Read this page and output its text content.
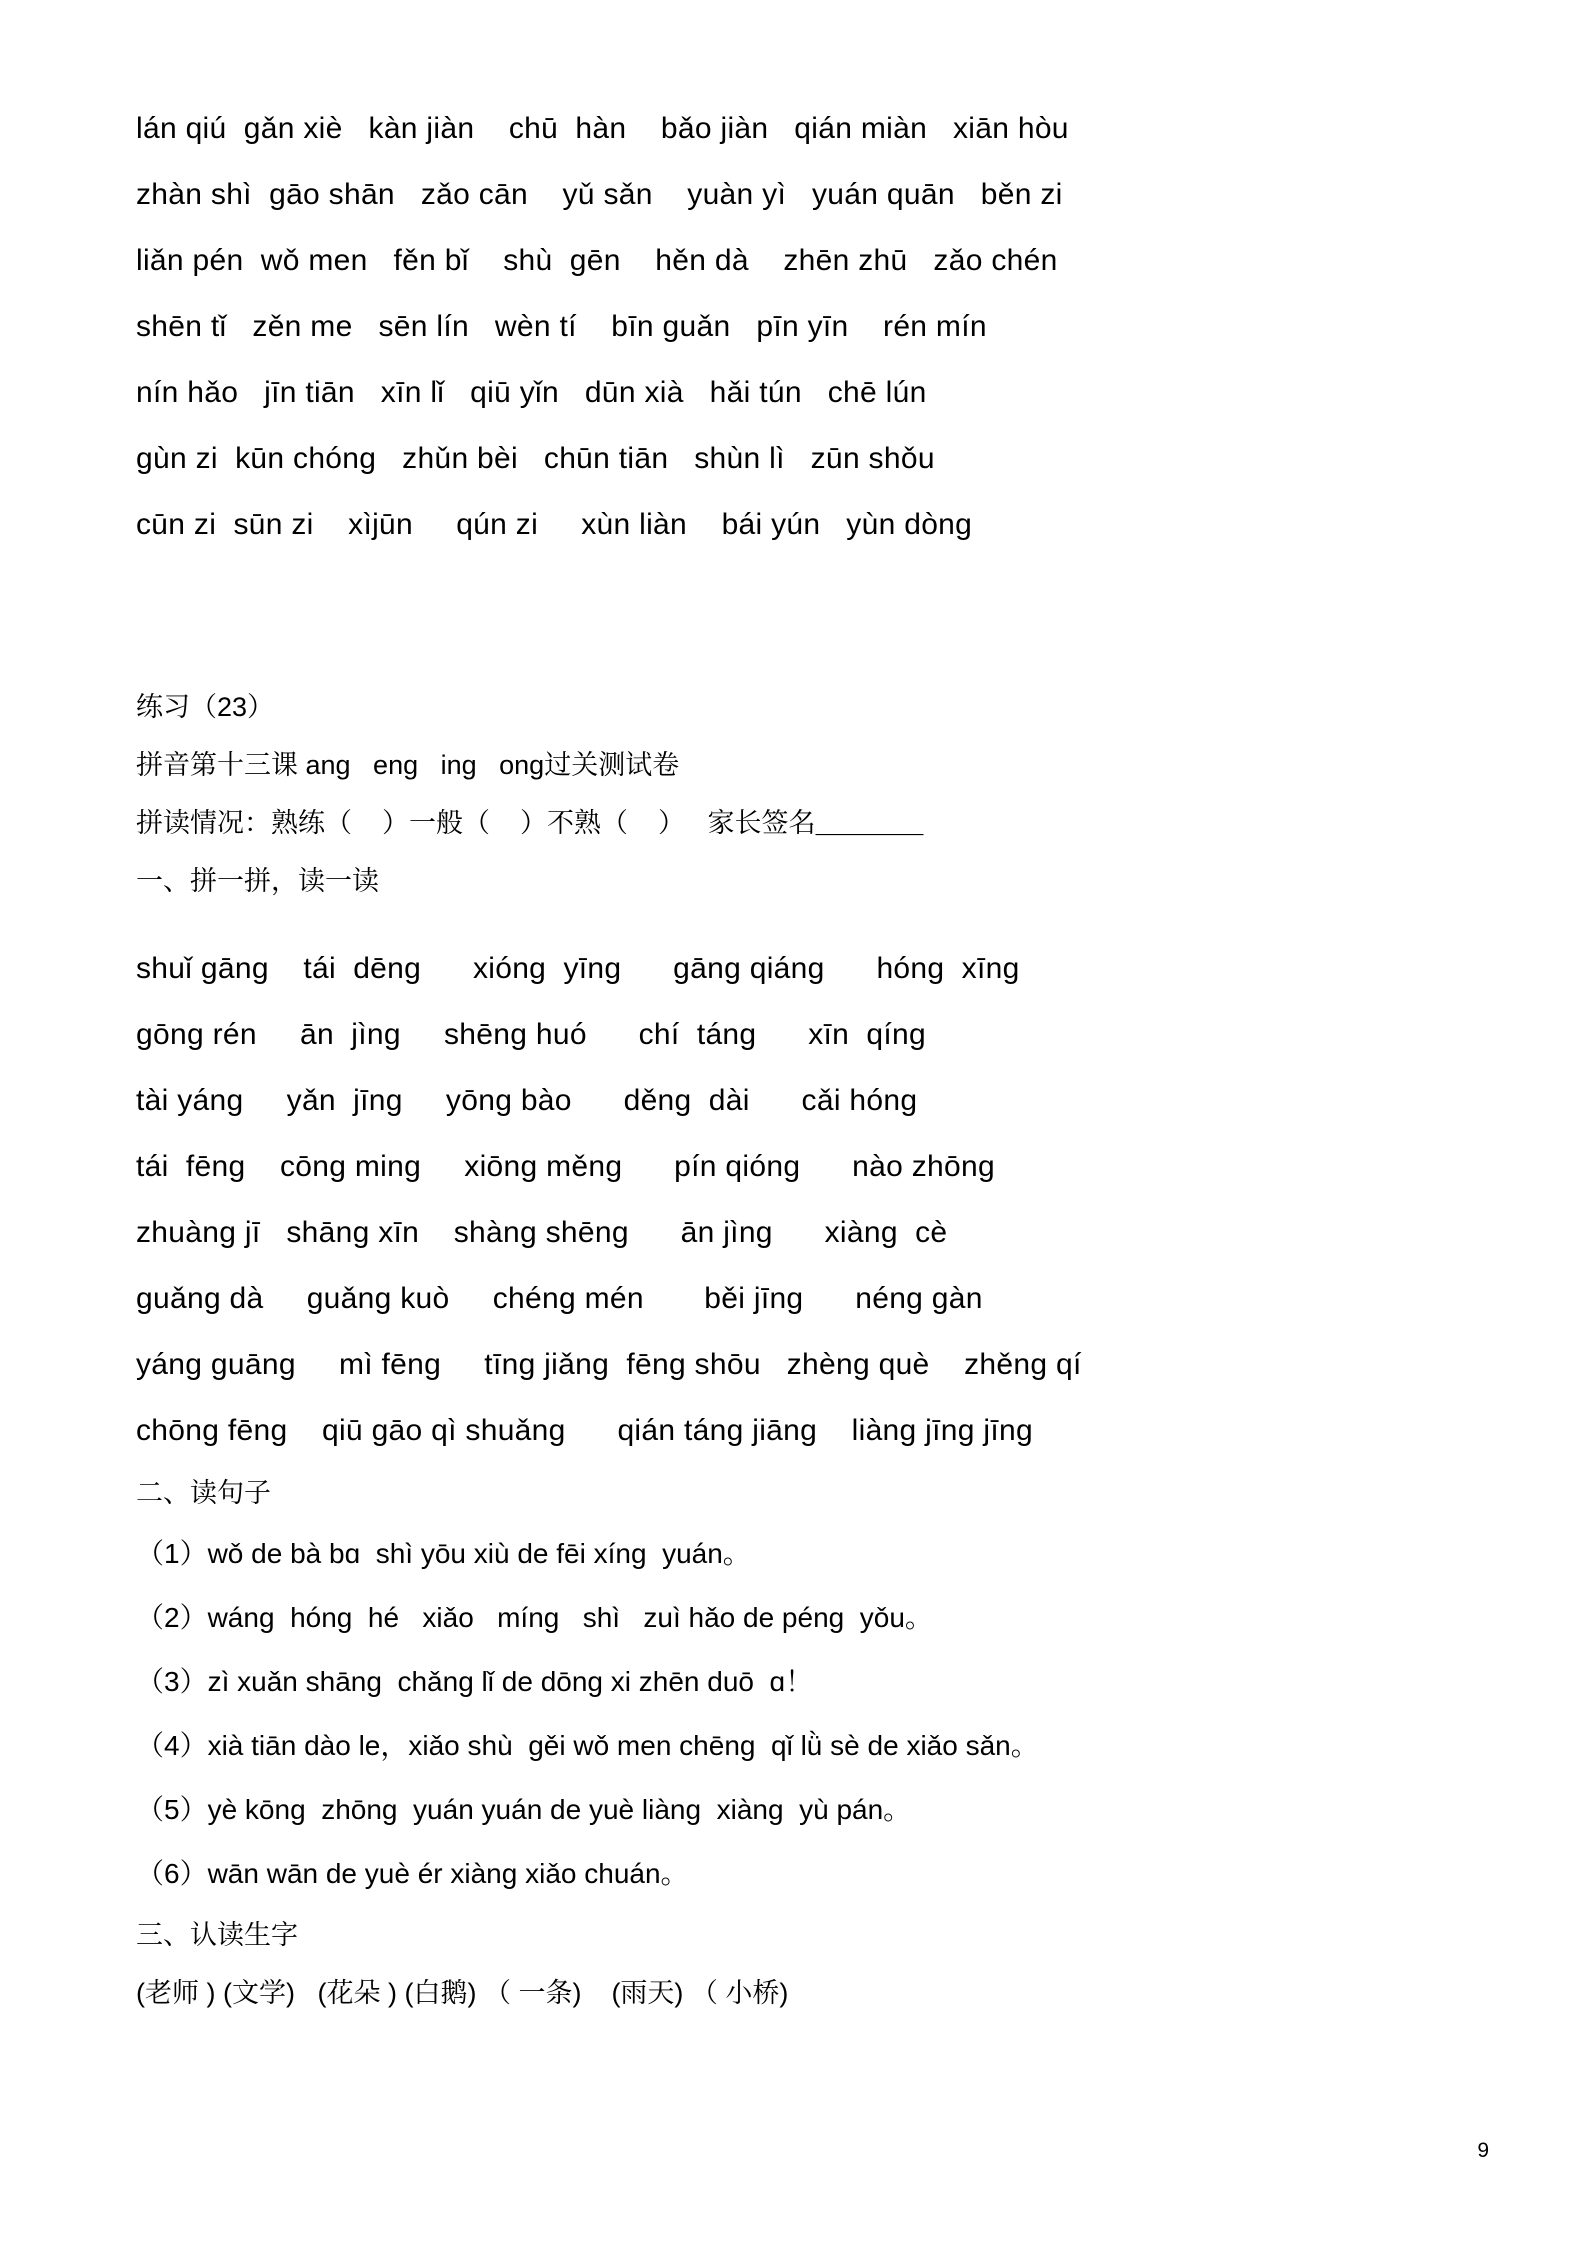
lán qiú  gǎn xiè   kàn jiàn    chū  hàn    bǎo jiàn   qián miàn   xiān hòu
zhàn shì  gāo shān   zǎo cān    yǔ sǎn    yuàn yì   yuán quān   běn zi
liǎn pén  wǒ men   fěn bǐ    shù  gēn    hěn dà    zhēn zhū   zǎo chén
shēn tǐ   zěn me   sēn lín   wèn tí    bīn guǎn   pīn yīn    rén mín
nín hǎo   jīn tiān   xīn lǐ   qiū yǐn   dūn xià   hǎi tún   chē lún
gùn zi  kūn chóng   zhǔn bèi   chūn tiān   shùn lì   zūn shǒu
cūn zi  sūn zi    xìjūn     qún zi     xùn liàn    bái yún   yùn dòng
练习（23）
拼音第十三课 ang   eng   ing   ong过关测试卷
拼读情况：熟练（    ）一般（    ）不熟（    ）   家长签名＿＿＿＿
一、拼一拼，读一读
shuǐ gāng    tái  dēng      xióng  yīng      gāng qiáng      hóng  xīng
gōng rén     ān  jìng     shēng huó      chí  táng      xīn  qíng
tài yáng     yǎn  jīng     yōng bào      děng  dài      cǎi hóng
tái  fēng    cōng ming     xiōng měng      pín qióng      nào zhōng
zhuàng jī   shāng xīn    shàng shēng      ān jìng      xiàng  cè
guǎng dà     guǎng kuò     chéng mén       běi jīng      néng gàn
yáng guāng     mì fēng     tīng jiǎng  fēng shōu   zhèng què    zhěng qí
chōng fēng    qiū gāo qì shuǎng      qián táng jiāng    liàng jīng jīng
二、读句子
（1）wǒ de bà bɑ  shì yōu xiù de fēi xíng  yuán。
（2）wáng  hóng  hé   xiǎo   míng   shì   zuì hǎo de péng  yǒu。
（3）zì xuǎn shāng  chǎng lǐ de dōng xi zhēn duō  ɑ！
（4）xià tiān dào le，xiǎo shù  gěi wǒ men chēng  qǐ lǜ sè de xiǎo sǎn。
（5）yè kōng  zhōng  yuán yuán de yuè liàng  xiàng  yù pán。
（6）wān wān de yuè ér xiàng xiǎo chuán。
三、认读生字
(老师 ) (文学)   (花朵 ) (白鹅) （ 一条)    (雨天) （ 小桥)
9
